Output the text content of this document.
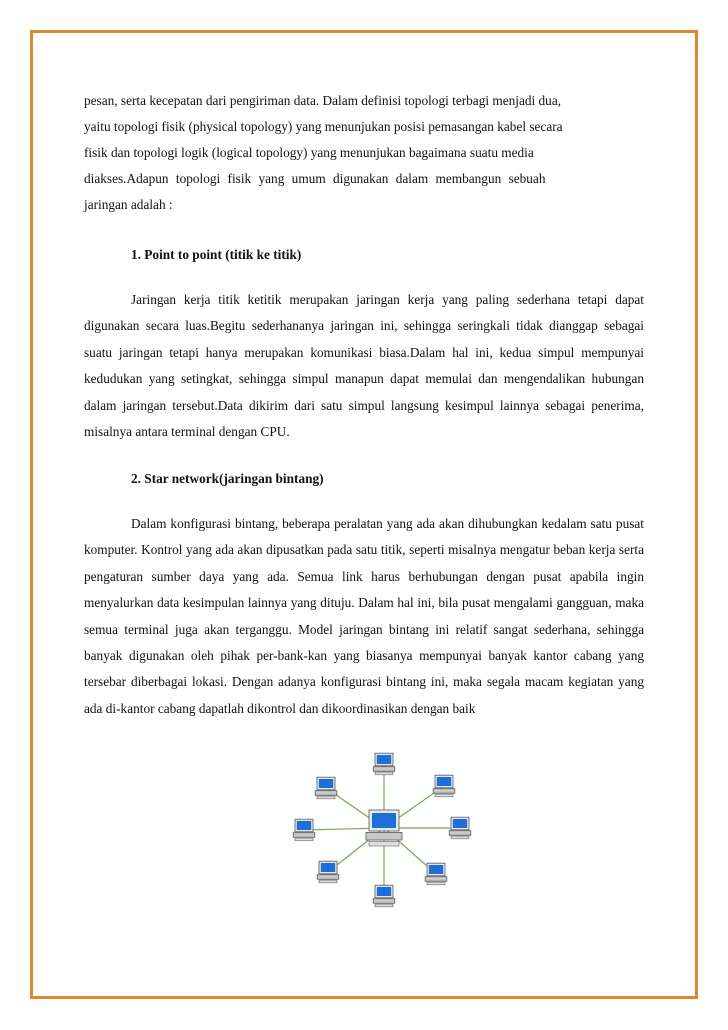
pesan, serta kecepatan dari pengiriman data. Dalam definisi topologi terbagi menjadi dua,
yaitu topologi fisik (physical topology) yang menunjukan posisi pemasangan kabel secara
fisik dan topologi logik (logical topology) yang menunjukan bagaimana suatu media
diakses.Adapun topologi fisik yang umum digunakan dalam membangun sebuah
jaringan adalah :
1. Point to point (titik ke titik)

Jaringan kerja titik ketitik merupakan jaringan kerja yang paling sederhana tetapi dapat digunakan secara luas.Begitu sederhananya jaringan ini, sehingga seringkali tidak dianggap sebagai suatu jaringan tetapi hanya merupakan komunikasi biasa.Dalam hal ini, kedua simpul mempunyai kedudukan yang setingkat, sehingga simpul manapun dapat memulai dan mengendalikan hubungan dalam jaringan tersebut.Data dikirim dari satu simpul langsung kesimpul lainnya sebagai penerima, misalnya antara terminal dengan CPU.

2. Star network(jaringan bintang)

Dalam konfigurasi bintang, beberapa peralatan yang ada akan dihubungkan kedalam satu pusat komputer. Kontrol yang ada akan dipusatkan pada satu titik, seperti misalnya mengatur beban kerja serta pengaturan sumber daya yang ada. Semua link harus berhubungan dengan pusat apabila ingin menyalurkan data kesimpulan lainnya yang dituju. Dalam hal ini, bila pusat mengalami gangguan, maka semua terminal juga akan terganggu. Model jaringan bintang ini relatif sangat sederhana, sehingga banyak digunakan oleh pihak per-bank-kan yang biasanya mempunyai banyak kantor cabang yang tersebar diberbagai lokasi. Dengan adanya konfigurasi bintang ini, maka segala macam kegiatan yang ada di-kantor cabang dapatlah dikontrol dan dikoordinasikan dengan baik
